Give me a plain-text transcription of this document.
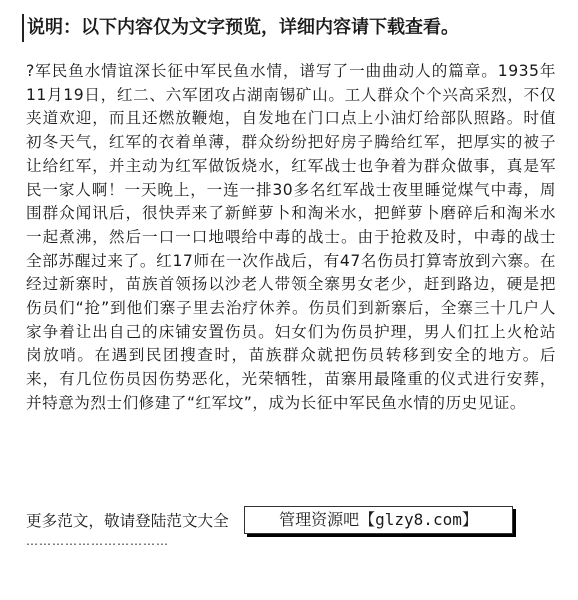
说明：以下内容仅为文字预览，详细内容请下载查看。
?军民鱼水情谊深长征中军民鱼水情，谱写了一曲曲动人的篇章。1935年11月19日，红二、六军团攻占湖南锡矿山。工人群众个个兴高采烈，不仅夹道欢迎，而且还燃放鞭炮，自发地在门口点上小油灯给部队照路。时值初冬天气，红军的衣着单薄，群众纷纷把好房子腾给红军，把厚实的被子让给红军，并主动为红军做饭烧水，红军战士也争着为群众做事，真是军民一家人啊！一天晚上，一连一排30多名红军战士夜里睡觉煤气中毒，周围群众闻讯后，很快弄来了新鲜萝卜和淘米水，把鲜萝卜磨碎后和淘米水一起煮沸，然后一口一口地喂给中毒的战士。由于抢救及时，中毒的战士全部苏醒过来了。红17师在一次作战后，有47名伤员打算寄放到六寨。在经过新寨时，苗族首领扬以沙老人带领全寨男女老少，赶到路边，硬是把伤员们“抢”到他们寨子里去治疗休养。伤员们到新寨后，全寨三十几户人家争着让出自己的床铺安置伤员。妇女们为伤员护理，男人们扛上火枪站岗放哨。在遇到民团搜查时，苗族群众就把伤员转移到安全的地方。后来，有几位伤员因伤势恶化，光荣牺牲，苗寨用最隆重的仪式进行安葬，并特意为烈士们修建了“红军坟”，成为长征中军民鱼水情的历史见证。
更多范文，敬请登陆范文大全	管理资源吧【glzy8.com】
……………………………
